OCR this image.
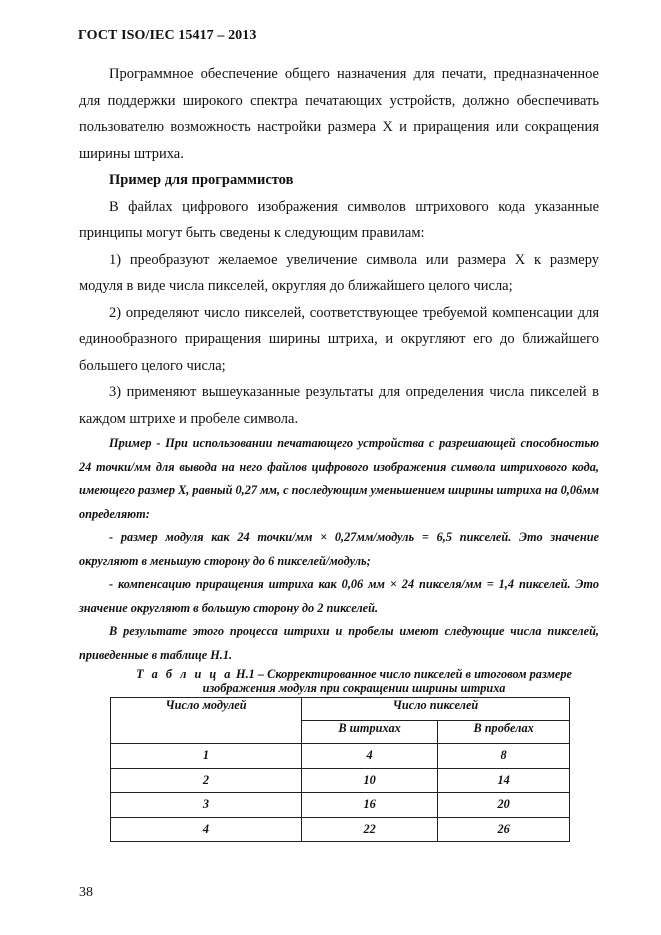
ГОСТ ISO/IEC 15417 – 2013

Программное обеспечение общего назначения для печати, предназначенное для поддержки широкого спектра печатающих устройств, должно обеспечивать пользователю возможность настройки размера X и приращения или сокращения ширины штриха.

Пример для программистов

В файлах цифрового изображения символов штрихового кода указанные принципы могут быть сведены к следующим правилам:

1) преобразуют желаемое увеличение символа или размера X к размеру модуля в виде числа пикселей, округляя до ближайшего целого числа;

2) определяют число пикселей, соответствующее требуемой компенсации для единообразного приращения ширины штриха, и округляют его до ближайшего большего целого числа;

3) применяют вышеуказанные результаты для определения числа пикселей в каждом штрихе и пробеле символа.

Пример - При использовании печатающего устройства с разрешающей способностью 24 точки/мм для вывода на него файлов цифрового изображения символа штрихового кода, имеющего размер X, равный 0,27 мм, с последующим уменьшением ширины штриха на 0,06мм определяют:

- размер модуля как 24 точки/мм × 0,27мм/модуль = 6,5 пикселей. Это значение округляют в меньшую сторону до 6 пикселей/модуль;

- компенсацию приращения штриха как 0,06 мм × 24 пикселя/мм = 1,4 пикселей. Это значение округляют в большую сторону до 2 пикселей.

В результате этого процесса штрихи и пробелы имеют следующие числа пикселей, приведенные в таблице Н.1.

Т а б л и ц а Н.1 – Скорректированное число пикселей в итоговом размере изображения модуля при сокращении ширины штриха
Число модулей	Число пикселей	
	В штрихах	В пробелах
1	4	8
2	10	14
3	16	20
4	22	26
38
